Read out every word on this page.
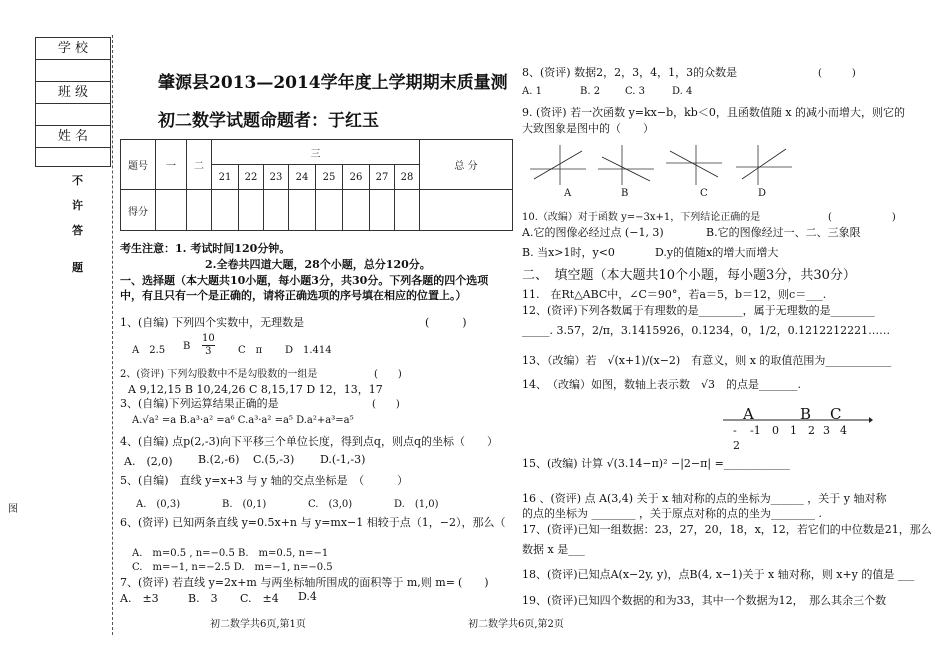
学 校
班 级
姓 名
不
许
答
题
图
肇源县2013—2014学年度上学期期末质量测
初二数学试题命题者：于红玉
题号	一	二	三								总 分
			21	22	23	24	25	26	27	28	
得分											
考生注意：1. 考试时间120分钟。
2.全卷共四道大题，28个小题，总分120分。
一、选择题（本大题共10小题，每小题3分，共30分。下列各题的四个选项
中，有且只有一个是正确的，请将正确选项的序号填在相应的位置上。）
1、(自编) 下列四个实数中，无理数是	(　　　)
A　2.5 B $\frac{10}{3}$ C　π D　1.414
2、(资评) 下列勾股数中不是勾股数的一组是	(　　)
A 9,12,15 B 10,24,26 C 8,15,17 D 12，13，17
3、(自编)下列运算结果正确的是	(　　)
A.√a² =a B.a³·a² =a⁶ C.a³·a² =a⁵ D.a²+a³=a⁵
4、(自编) 点p(2,-3)向下平移三个单位长度，得到点q，则点q的坐标（　　）
A.　(2,0) B.(2,-6) C.(5,-3) D.(-1,-3)
5、(自编)　直线 y=x+3 与 y 轴的交点坐标是　（　　　）
A.　(0,3)	B.　(0,1)	C.　(3,0)	D.　(1,0)
6、(资评) 已知两条直线 y=0.5x+n 与 y=mx−1 相较于点（1，−2），那么（
A.　m=0.5 , n=−0.5 B.　m=0.5, n=−1
C.　m=−1, n=−2.5 D.　m=−1, n=−0.5
7、(资评) 若直线 y=2x+m 与两坐标轴所围成的面积等于 m,则 m= (　　)
A.　±3	B.　3 C.　±4 D.4
初二数学共6页,第1页
8、(资评) 数据2，2，3，4，1，3的众数是	(　　　)
A. 1	B. 2 C. 3	D. 4
9. (资评) 若一次函数 y=kx−b，kb＜0，且函数值随 x 的减小而增大，则它的
大致图象是图中的（　　）
A	B	C	D
10.（改编）对于函数 y=−3x+1，下列结论正确的是	(　　　　　　)
A.它的图像必经过点 (−1, 3)	B.它的图像经过一、二、三象限
B. 当x>1时，y<0	D.y的值随x的增大而增大
二、　填空题（本大题共10个小题，每小题3分，共30分）
11.　在Rt△ABC中，∠C＝90°，若a＝5，b＝12，则c＝___.
12、(资评)下列各数属于有理数的是________，属于无理数的是________
_____. 3.57，2/π，3.1415926，0.1234，0，1/2，0.1212212221……
13、（改编）若　√(x+1)/(x−2)　有意义，则 x 的取值范围为____________
14、　（改编）如图，数轴上表示数　√3　的点是_______.
A	B C
- -1 0 1 2 3 4
2
15、(改编) 计算 √(3.14−π)² −|2−π| =____________
16 、(资评) 点 A(3,4) 关于 x 轴对称的点的坐标为______ ，关于 y 轴对称
的点的坐标为 ________ ，关于原点对称的点的坐为________ .
17、(资评)已知一组数据：23，27，20，18，x，12，若它们的中位数是21，那么
数据 x 是___
18、(资评)已知点A(x−2y, y)，点B(4, x−1)关于 x 轴对称，则 x+y 的值是 ___
19、(资评)已知四个数据的和为33，其中一个数据为12，　那么其余三个数
初二数学共6页,第2页
